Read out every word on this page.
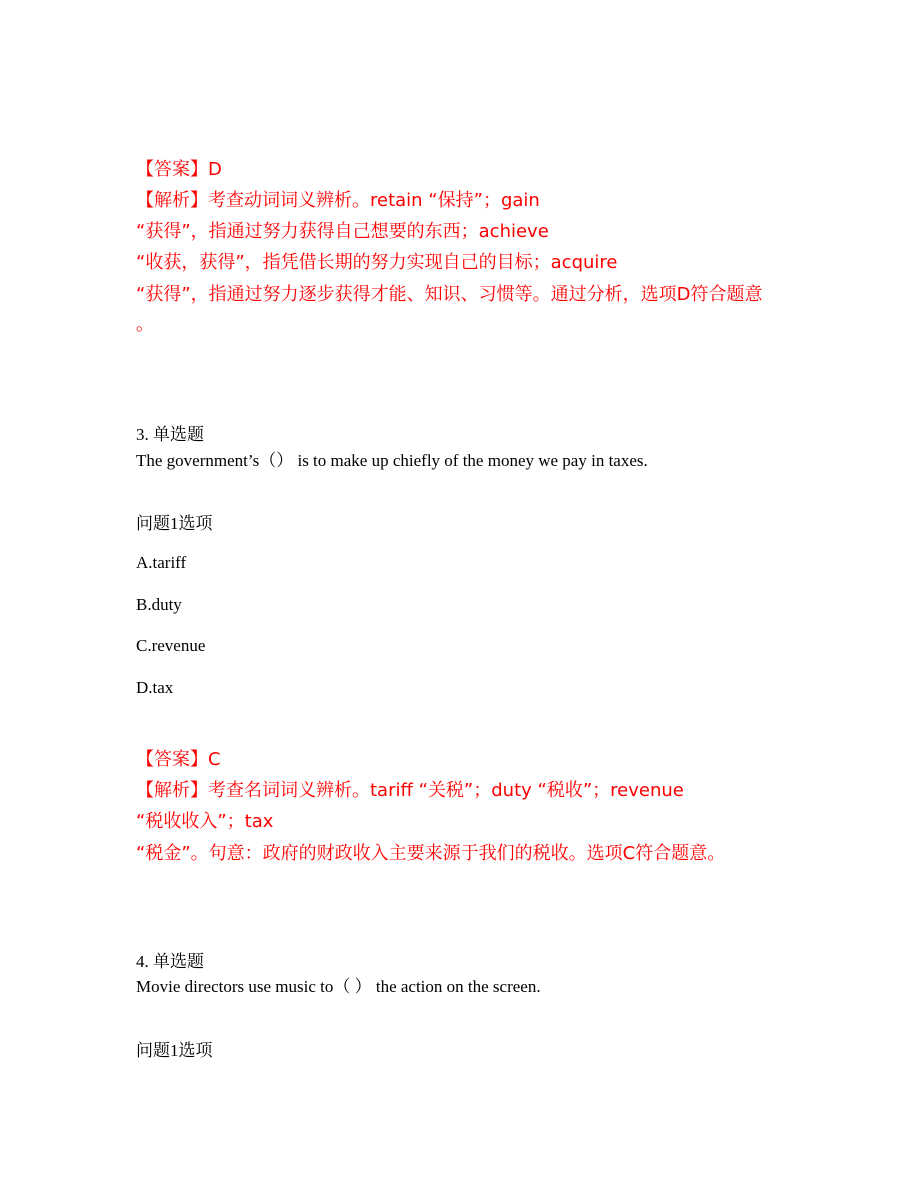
【答案】D
【解析】考查动词词义辨析。retain “保持”；gain
“获得”，指通过努力获得自己想要的东西；achieve
“收获，获得”，指凭借长期的努力实现自己的目标；acquire
“获得”，指通过努力逐步获得才能、知识、习惯等。通过分析，选项D符合题意
。
3. 单选题
The government’s（） is to make up chiefly of the money we pay in taxes.
问题1选项
A.tariff
B.duty
C.revenue
D.tax
【答案】C
【解析】考查名词词义辨析。tariff “关税”；duty “税收”；revenue
“税收收入”；tax
“税金”。句意：政府的财政收入主要来源于我们的税收。选项C符合题意。
4. 单选题
Movie directors use music to（ ） the action on the screen.
问题1选项
